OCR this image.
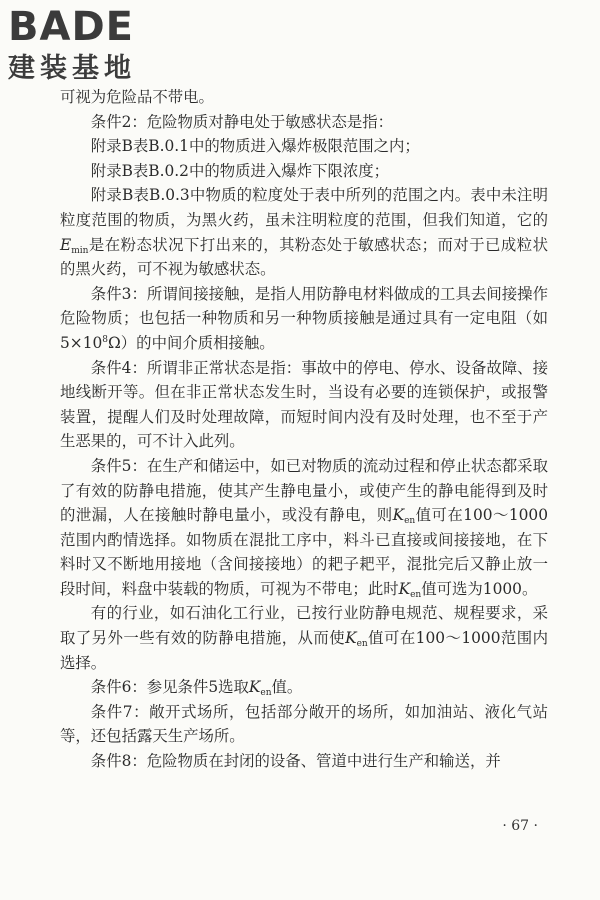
BADE
建装基地

可视为危险品不带电。

条件2：危险物质对静电处于敏感状态是指：

附录B表B.0.1中的物质进入爆炸极限范围之内；

附录B表B.0.2中的物质进入爆炸下限浓度；

附录B表B.0.3中物质的粒度处于表中所列的范围之内。表中未注明粒度范围的物质，为黑火药，虽未注明粒度的范围，但我们知道，它的$E_{min}$是在粉态状况下打出来的，其粉态处于敏感状态；而对于已成粒状的黑火药，可不视为敏感状态。

条件3：所谓间接接触，是指人用防静电材料做成的工具去间接操作危险物质；也包括一种物质和另一种物质接触是通过具有一定电阻（如$5\times 10^8\Omega$）的中间介质相接触。

条件4：所谓非正常状态是指：事故中的停电、停水、设备故障、接地线断开等。但在非正常状态发生时，当设有必要的连锁保护，或报警装置，提醒人们及时处理故障，而短时间内没有及时处理，也不至于产生恶果的，可不计入此列。

条件5：在生产和储运中，如已对物质的流动过程和停止状态都采取了有效的防静电措施，使其产生静电量小，或使产生的静电能得到及时的泄漏，人在接触时静电量小，或没有静电，则$K_{en}$值可在100～1000范围内酌情选择。如物质在混批工序中，料斗已直接或间接接地，在下料时又不断地用接地（含间接接地）的耙子耙平，混批完后又静止放一段时间，料盘中装载的物质，可视为不带电；此时$K_{en}$值可选为1000。

有的行业，如石油化工行业，已按行业防静电规范、规程要求，采取了另外一些有效的防静电措施，从而使$K_{en}$值可在100～1000范围内选择。

条件6：参见条件5选取$K_{en}$值。

条件7：敞开式场所，包括部分敞开的场所，如加油站、液化气站等，还包括露天生产场所。

条件8：危险物质在封闭的设备、管道中进行生产和输送，并

· 67 ·
